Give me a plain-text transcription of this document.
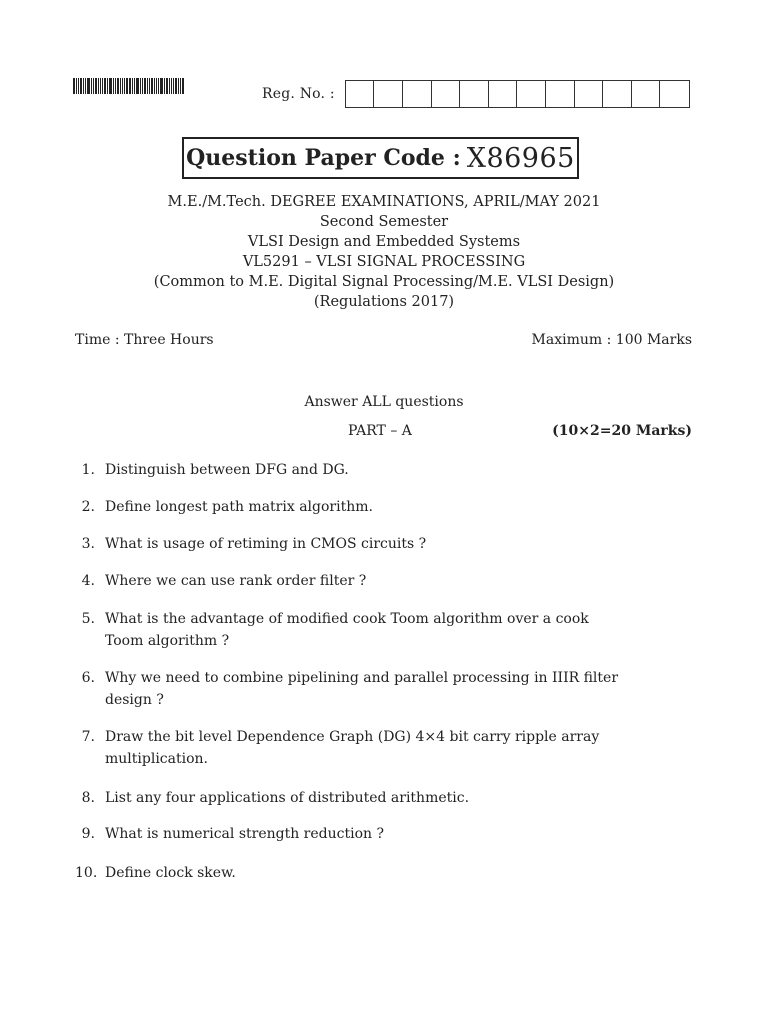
Reg. No. :
Question Paper Code : X86965
M.E./M.Tech. DEGREE EXAMINATIONS, APRIL/MAY 2021
Second Semester
VLSI Design and Embedded Systems
VL5291 – VLSI SIGNAL PROCESSING
(Common to M.E. Digital Signal Processing/M.E. VLSI Design)
(Regulations 2017)
Time : Three Hours	Maximum : 100 Marks
Answer ALL questions
PART – A	(10×2=20 Marks)
1. Distinguish between DFG and DG.
2. Define longest path matrix algorithm.
3. What is usage of retiming in CMOS circuits ?
4. Where we can use rank order filter ?
5. What is the advantage of modified cook Toom algorithm over a cook Toom algorithm ?
6. Why we need to combine pipelining and parallel processing in IIIR filter design ?
7. Draw the bit level Dependence Graph (DG) 4×4 bit carry ripple array multiplication.
8. List any four applications of distributed arithmetic.
9. What is numerical strength reduction ?
10. Define clock skew.
